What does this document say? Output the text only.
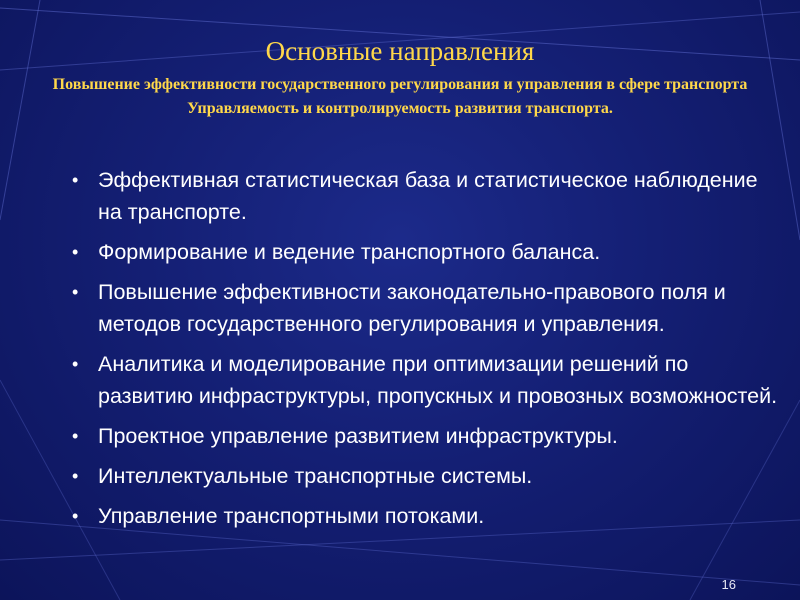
Основные направления
Повышение эффективности государственного регулирования и управления в сфере транспорта
Управляемость и контролируемость развития транспорта.
• Эффективная статистическая база и статистическое наблюдение на транспорте.
• Формирование и ведение транспортного баланса.
• Повышение эффективности законодательно-правового поля и методов государственного регулирования и управления.
• Аналитика и моделирование при оптимизации решений по развитию инфраструктуры, пропускных и провозных возможностей.
• Проектное управление развитием инфраструктуры.
• Интеллектуальные транспортные системы.
• Управление транспортными потоками.
16
